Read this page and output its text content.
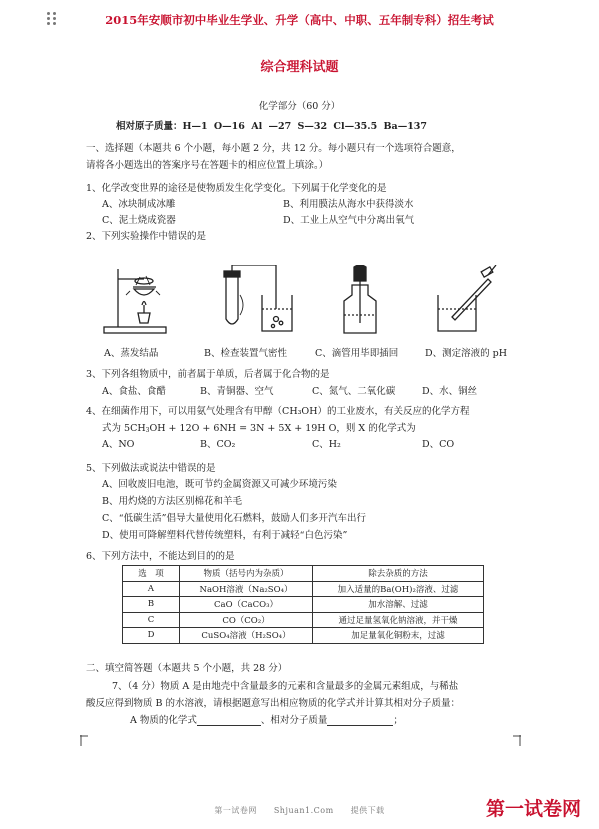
2015年安顺市初中毕业生学业、升学（高中、中职、五年制专科）招生考试
综合理科试题
化学部分（60 分）
相对原子质量：H—1 O—16 Al —27 S—32 Cl—35.5 Ba—137
一、选择题（本题共 6 个小题，每小题 2 分，共 12 分。每小题只有一个选项符合题意，
请将各小题选出的答案序号在答题卡的相应位置上填涂。）
1、化学改变世界的途径是使物质发生化学变化。下列属于化学变化的是
A、冰块制成冰雕	B、利用膜法从海水中获得淡水
C、泥土烧成瓷器	D、工业上从空气中分离出氧气
2、下列实验操作中错误的是
A、蒸发结晶	B、检查装置气密性	C、滴管用毕即插回	D、测定溶液的 pH
3、下列各组物质中，前者属于单质，后者属于化合物的是
A、食盐、食醋	B、青铜器、空气	C、氮气、二氧化碳	D、水、铜丝
4、在细菌作用下，可以用氨气处理含有甲醇（CH₃OH）的工业废水，有关反应的化学方程
式为 $5CH_3OH + 12O + 6NH = 3N + 5X + 19H$ O，则 X 的化学式为
A、NO	B、CO₂	C、H₂	D、CO
5、下列做法或说法中错误的是
A、回收废旧电池，既可节约金属资源又可减少环境污染
B、用灼烧的方法区别棉花和羊毛
C、“低碳生活”倡导大量使用化石燃料，鼓励人们多开汽车出行
D、使用可降解塑料代替传统塑料，有利于减轻“白色污染”
6、下列方法中，不能达到目的的是
选　项	物质（括号内为杂质）	除去杂质的方法
A	NaOH溶液（Na₂SO₄）	加入适量的Ba(OH)₂溶液、过滤
B	CaO（CaCO₃）	加水溶解、过滤
C	CO（CO₂）	通过足量氢氧化钠溶液，并干燥
D	CuSO₄溶液（H₂SO₄）	加足量氧化铜粉末，过滤
二、填空简答题（本题共 5 个小题，共 28 分）
7、（4 分）物质 A 是由地壳中含量最多的元素和含量最多的金属元素组成，与稀盐
酸反应得到物质 B 的水溶液，请根据题意写出相应物质的化学式并计算其相对分子质量：
A 物质的化学式	、相对分子质量	；
第一试卷网　　Shjuan1.Com　　提供下载	第一试卷网
